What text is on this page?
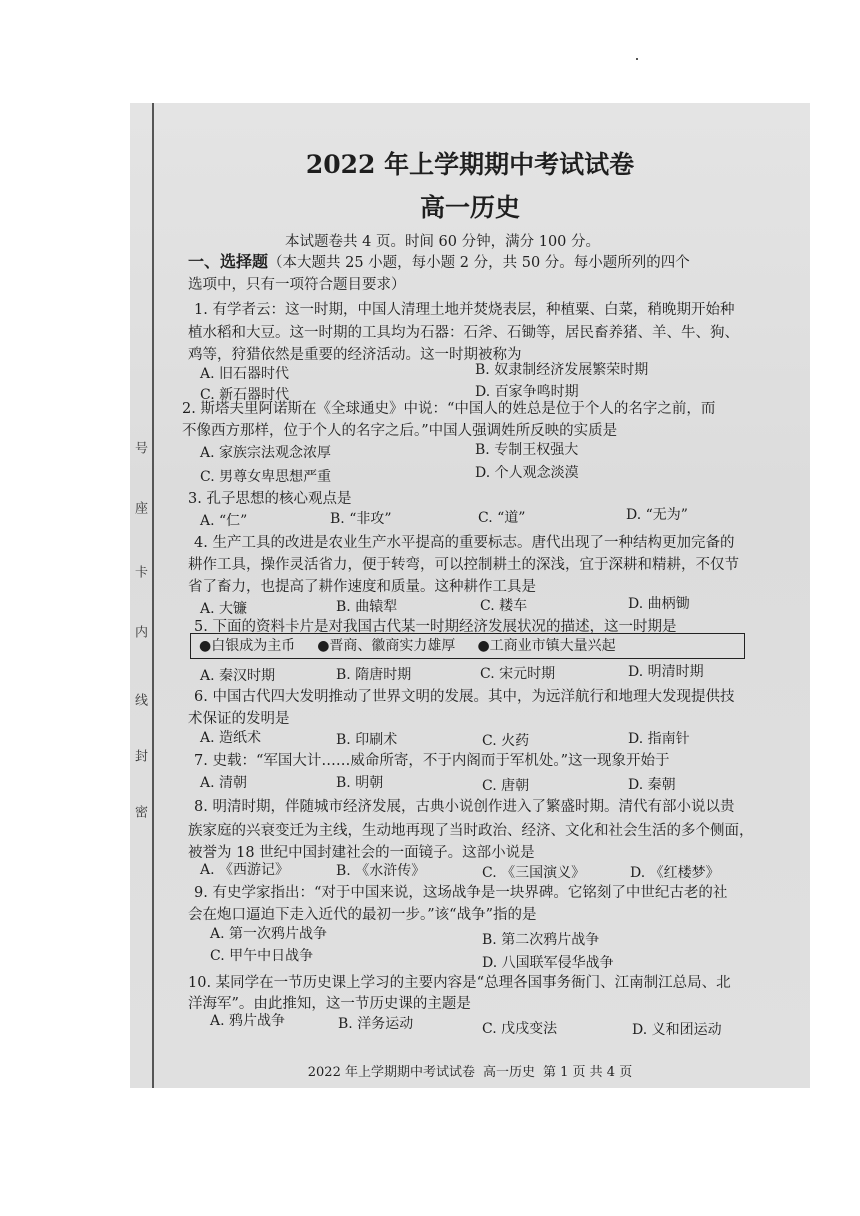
号
座
卡
内
线
封
密
2022 年上学期期中考试试卷
高一历史
本试题卷共 4 页。时间 60 分钟，满分 100 分。
一、选择题（本大题共 25 小题，每小题 2 分，共 50 分。每小题所列的四个
选项中，只有一项符合题目要求）
1. 有学者云：这一时期，中国人清理土地并焚烧表层，种植粟、白菜，稍晚期开始种
植水稻和大豆。这一时期的工具均为石器：石斧、石锄等，居民畜养猪、羊、牛、狗、
鸡等，狩猎依然是重要的经济活动。这一时期被称为
A. 旧石器时代	B. 奴隶制经济发展繁荣时期
C. 新石器时代	D. 百家争鸣时期
2. 斯塔夫里阿诺斯在《全球通史》中说：“中国人的姓总是位于个人的名字之前，而
不像西方那样，位于个人的名字之后。”中国人强调姓所反映的实质是
A. 家族宗法观念浓厚	B. 专制王权强大
C. 男尊女卑思想严重	D. 个人观念淡漠
3. 孔子思想的核心观点是
A. “仁”	B. “非攻”	C. “道”	D. “无为”
4. 生产工具的改进是农业生产水平提高的重要标志。唐代出现了一种结构更加完备的
耕作工具，操作灵活省力，便于转弯，可以控制耕土的深浅，宜于深耕和精耕，不仅节
省了畜力，也提高了耕作速度和质量。这种耕作工具是
A. 大镰	B. 曲辕犁	C. 耧车	D. 曲柄锄
5. 下面的资料卡片是对我国古代某一时期经济发展状况的描述，这一时期是
●白银成为主币 ●晋商、徽商实力雄厚 ●工商业市镇大量兴起
A. 秦汉时期	B. 隋唐时期	C. 宋元时期	D. 明清时期
6. 中国古代四大发明推动了世界文明的发展。其中，为远洋航行和地理大发现提供技
术保证的发明是
A. 造纸术	B. 印刷术	C. 火药	D. 指南针
7. 史载：“军国大计……威命所寄，不于内阁而于军机处。”这一现象开始于
A. 清朝	B. 明朝	C. 唐朝	D. 秦朝
8. 明清时期，伴随城市经济发展，古典小说创作进入了繁盛时期。清代有部小说以贵
族家庭的兴衰变迁为主线，生动地再现了当时政治、经济、文化和社会生活的多个侧面，
被誉为 18 世纪中国封建社会的一面镜子。这部小说是
A. 《西游记》	B. 《水浒传》	C. 《三国演义》	D. 《红楼梦》
9. 有史学家指出：“对于中国来说，这场战争是一块界碑。它铭刻了中世纪古老的社
会在炮口逼迫下走入近代的最初一步。”该“战争”指的是
A. 第一次鸦片战争	B. 第二次鸦片战争
C. 甲午中日战争	D. 八国联军侵华战争
10. 某同学在一节历史课上学习的主要内容是“总理各国事务衙门、江南制江总局、北
洋海军”。由此推知，这一节历史课的主题是
A. 鸦片战争	B. 洋务运动	C. 戊戌变法	D. 义和团运动
2022 年上学期期中考试试卷 高一历史 第 1 页 共 4 页
